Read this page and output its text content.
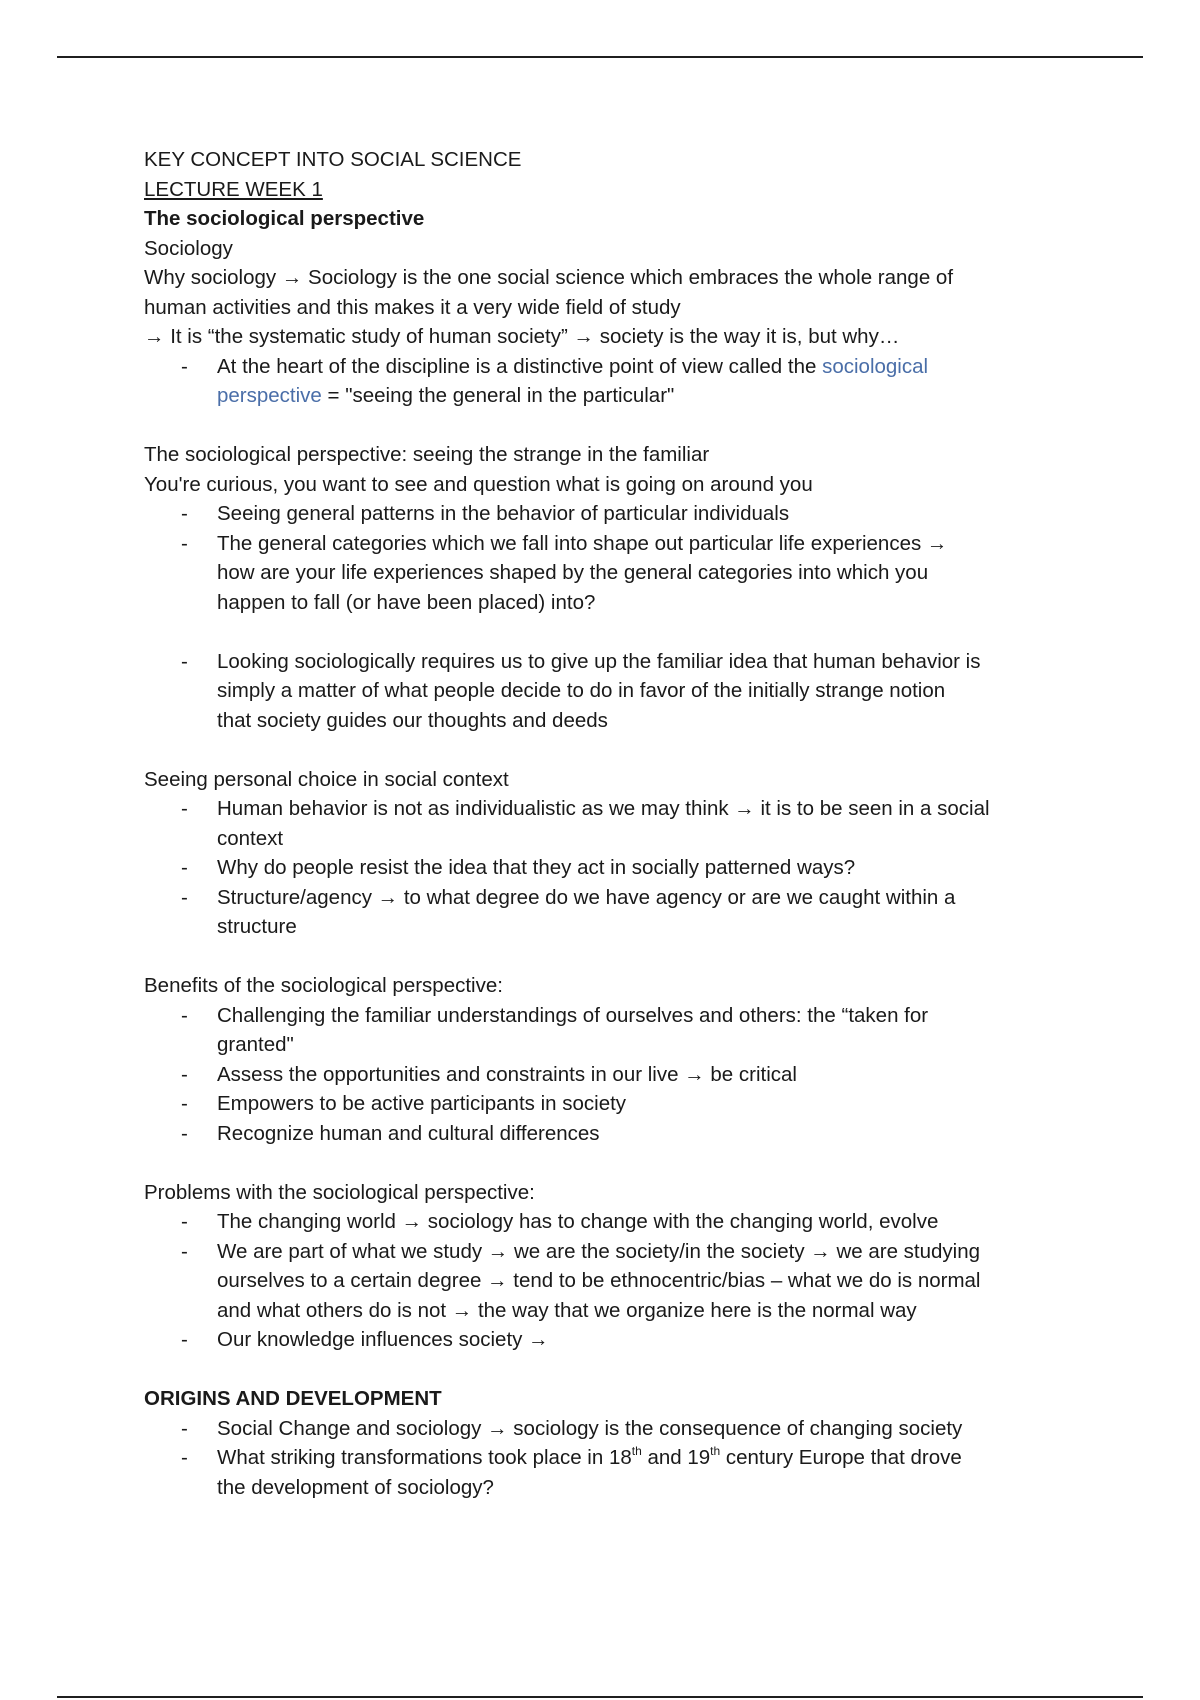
KEY CONCEPT INTO SOCIAL SCIENCE

LECTURE WEEK 1

The sociological perspective

Sociology

Why sociology → Sociology is the one social science which embraces the whole range of

human activities and this makes it a very wide field of study

→ It is “the systematic study of human society” → society is the way it is, but why…

- At the heart of the discipline is a distinctive point of view called the sociological
perspective = "seeing the general in the particular"

The sociological perspective: seeing the strange in the familiar

You're curious, you want to see and question what is going on around you

- Seeing general patterns in the behavior of particular individuals
- The general categories which we fall into shape out particular life experiences →
how are your life experiences shaped by the general categories into which you
happen to fall (or have been placed) into?
- Looking sociologically requires us to give up the familiar idea that human behavior is
simply a matter of what people decide to do in favor of the initially strange notion
that society guides our thoughts and deeds

Seeing personal choice in social context

- Human behavior is not as individualistic as we may think → it is to be seen in a social
context
- Why do people resist the idea that they act in socially patterned ways?
- Structure/agency → to what degree do we have agency or are we caught within a
structure

Benefits of the sociological perspective:

- Challenging the familiar understandings of ourselves and others: the “taken for
granted"
- Assess the opportunities and constraints in our live → be critical
- Empowers to be active participants in society
- Recognize human and cultural differences

Problems with the sociological perspective:

- The changing world → sociology has to change with the changing world, evolve
- We are part of what we study → we are the society/in the society → we are studying
ourselves to a certain degree → tend to be ethnocentric/bias – what we do is normal
and what others do is not → the way that we organize here is the normal way
- Our knowledge influences society →

ORIGINS AND DEVELOPMENT

- Social Change and sociology → sociology is the consequence of changing society
- What striking transformations took place in 18th and 19th century Europe that drove
the development of sociology?
